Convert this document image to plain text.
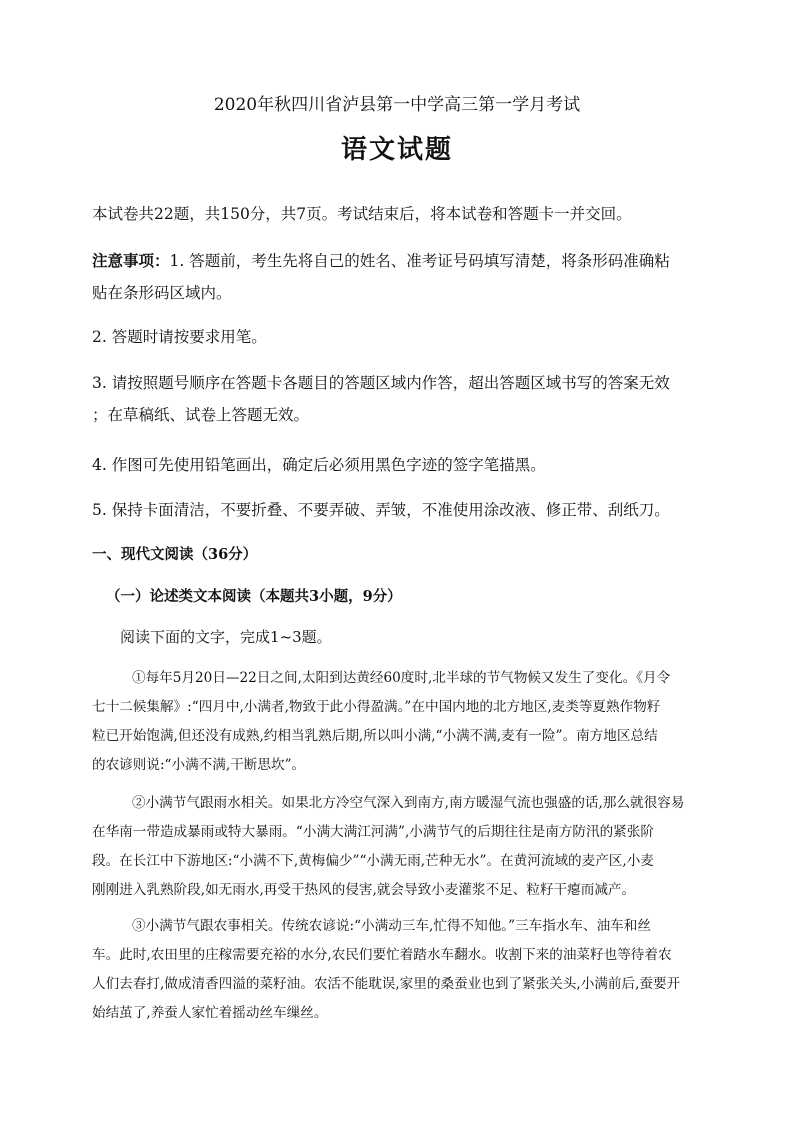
2020年秋四川省泸县第一中学高三第一学月考试
语文试题
本试卷共22题，共150分，共7页。考试结束后，将本试卷和答题卡一并交回。
注意事项：1. 答题前，考生先将自己的姓名、准考证号码填写清楚，将条形码准确粘
贴在条形码区域内。
2. 答题时请按要求用笔。
3. 请按照题号顺序在答题卡各题目的答题区域内作答，超出答题区域书写的答案无效
；在草稿纸、试卷上答题无效。
4. 作图可先使用铅笔画出，确定后必须用黑色字迹的签字笔描黑。
5. 保持卡面清洁，不要折叠、不要弄破、弄皱，不准使用涂改液、修正带、刮纸刀。
一、现代文阅读（36分）
（一）论述类文本阅读（本题共3小题，9分）
阅读下面的文字，完成1~3题。
①每年5月20日—22日之间,太阳到达黄经60度时,北半球的节气物候又发生了变化。《月令
七十二候集解》:“四月中,小满者,物致于此小得盈满。”在中国内地的北方地区,麦类等夏熟作物籽
粒已开始饱满,但还没有成熟,约相当乳熟后期,所以叫小满,“小满不满,麦有一险”。南方地区总结
的农谚则说:“小满不满,干断思坎”。
②小满节气跟雨水相关。如果北方冷空气深入到南方,南方暖湿气流也强盛的话,那么就很容易
在华南一带造成暴雨或特大暴雨。“小满大满江河满”,小满节气的后期往往是南方防汛的紧张阶
段。在长江中下游地区:“小满不下,黄梅偏少”“小满无雨,芒种无水”。在黄河流域的麦产区,小麦
刚刚进入乳熟阶段,如无雨水,再受干热风的侵害,就会导致小麦灌浆不足、粒籽干瘪而减产。
③小满节气跟农事相关。传统农谚说:“小满动三车,忙得不知他。”三车指水车、油车和丝
车。此时,农田里的庄稼需要充裕的水分,农民们要忙着踏水车翻水。收割下来的油菜籽也等待着农
人们去春打,做成清香四溢的菜籽油。农活不能耽误,家里的桑蚕业也到了紧张关头,小满前后,蚕要开
始结茧了,养蚕人家忙着摇动丝车缫丝。
